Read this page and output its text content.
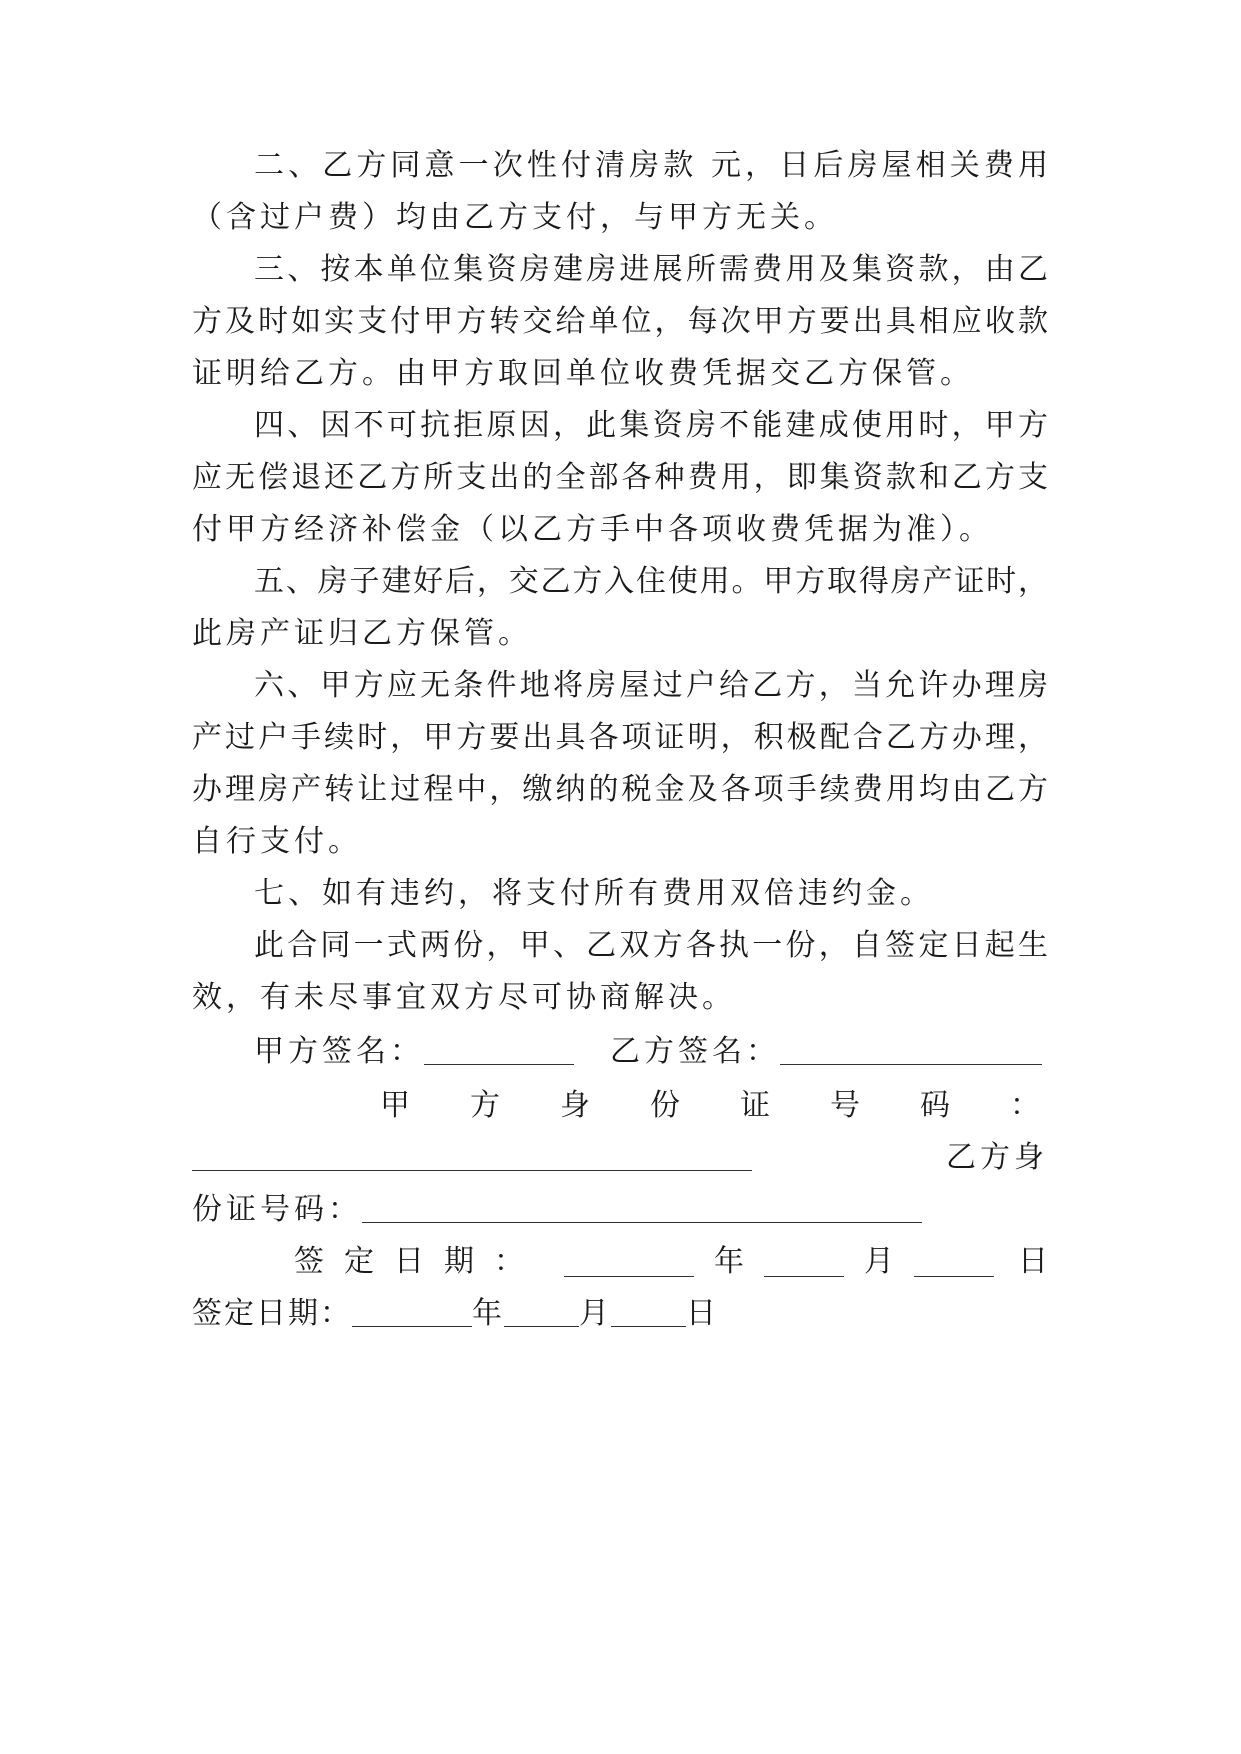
二、乙方同意一次性付清房款 元，日后房屋相关费用
（含过户费）均由乙方支付，与甲方无关。
三、按本单位集资房建房进展所需费用及集资款，由乙
方及时如实支付甲方转交给单位，每次甲方要出具相应收款
证明给乙方。由甲方取回单位收费凭据交乙方保管。
四、因不可抗拒原因，此集资房不能建成使用时，甲方
应无偿退还乙方所支出的全部各种费用，即集资款和乙方支
付甲方经济补偿金（以乙方手中各项收费凭据为准）。
五、房子建好后，交乙方入住使用。甲方取得房产证时，
此房产证归乙方保管。
六、甲方应无条件地将房屋过户给乙方，当允许办理房
产过户手续时，甲方要出具各项证明，积极配合乙方办理，
办理房产转让过程中，缴纳的税金及各项手续费用均由乙方
自行支付。
七、如有违约，将支付所有费用双倍违约金。
此合同一式两份，甲、乙双方各执一份，自签定日起生
效，有未尽事宜双方尽可协商解决。
甲方签名：	乙方签名：
甲 方 身 份 证 号 码 ：
乙方身
份证号码：
签定日期：	年	月	日
签定日期：	年	月	日
